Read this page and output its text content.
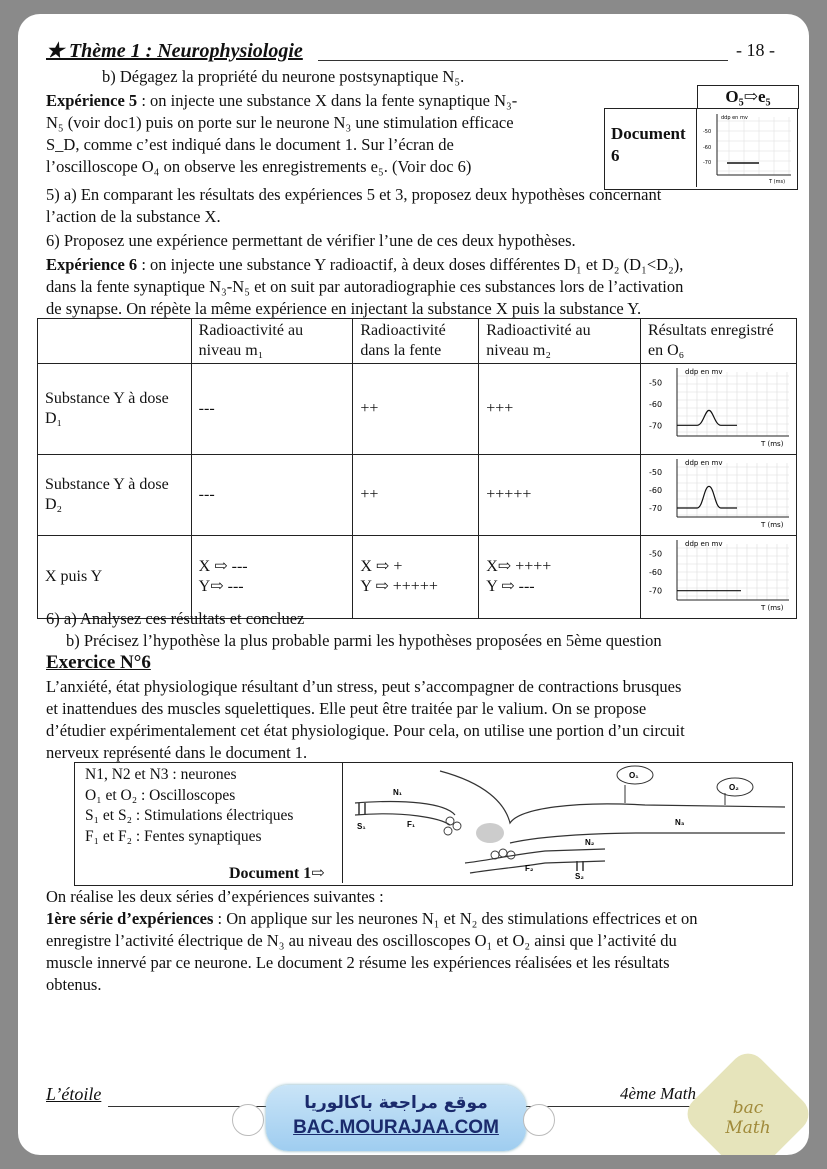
★ Thème 1 : Neurophysiologie	- 18 -
b) Dégagez la propriété du neurone postsynaptique N₅.
Expérience 5 : on injecte une substance X dans la fente synaptique N₃-
N₅ (voir doc1) puis on porte sur le neurone N₃ une stimulation efficace
S_D, comme c’est indiqué dans le document 1. Sur l’écran de
l’oscilloscope O₄ on observe les enregistrements e₅. (Voir doc 6)
O₅⇨e₅
Document 6
ddp en mv
-50
-60
-70
T (ms)
5) a) En comparant les résultats des expériences 5 et 3, proposez deux hypothèses concernant
l’action de la substance X.
6) Proposez une expérience permettant de vérifier l’une de ces deux hypothèses.
Expérience 6 : on injecte une substance Y radioactif, à deux doses différentes D₁ et D₂ (D₁<D₂),
dans la fente synaptique N₃-N₅ et on suit par autoradiographie ces substances lors de l’activation
de synapse. On répète la même expérience en injectant la substance X puis la substance Y.
	Radioactivité au niveau m₁	Radioactivité dans la fente	Radioactivité au niveau m₂	Résultats enregistré en O₆
Substance Y à dose D₁	---	++	+++	ddp en mv
T (ms)
-50
-60
-70

Substance Y à dose D₂	---	++	+++++	ddp en mv
T (ms)
-50
-60
-70

X puis Y	X ⇨ ---
Y⇨ ---	X ⇨ +
Y ⇨ +++++	X⇨ ++++
Y ⇨ ---	ddp en mv
T (ms)
-50
-60
-70
6) a) Analysez ces résultats et concluez
b) Précisez l’hypothèse la plus probable parmi les hypothèses proposées en 5ème question
Exercice N°6
L’anxiété, état physiologique résultant d’un stress, peut s’accompagner de contractions brusques
et inattendues des muscles squelettiques. Elle peut être traitée par le valium. On se propose
d’étudier expérimentalement cet état physiologique. Pour cela, on utilise une portion d’un circuit
nerveux représenté dans le document 1.
N1, N2 et N3 : neurones
O₁ et O₂ : Oscilloscopes
S₁ et S₂ : Stimulations électriques
F₁ et F₂ : Fentes synaptiques
Document 1⇨
O₁
O₂
N₁
N₂
N₃
S₁
S₂
F₁
F₂
On réalise les deux séries d’expériences suivantes :
1ère série d’expériences : On applique sur les neurones N₁ et N₂ des stimulations effectrices et on
enregistre l’activité électrique de N₃ au niveau des oscilloscopes O₁ et O₂ ainsi que l’activité du
muscle innervé par ce neurone. Le document 2 résume les expériences réalisées et les résultats
obtenus.
L’étoile	4ème Math
موقع مراجعة باكالوريا
BAC.MOURAJAA.COM
bac Math
